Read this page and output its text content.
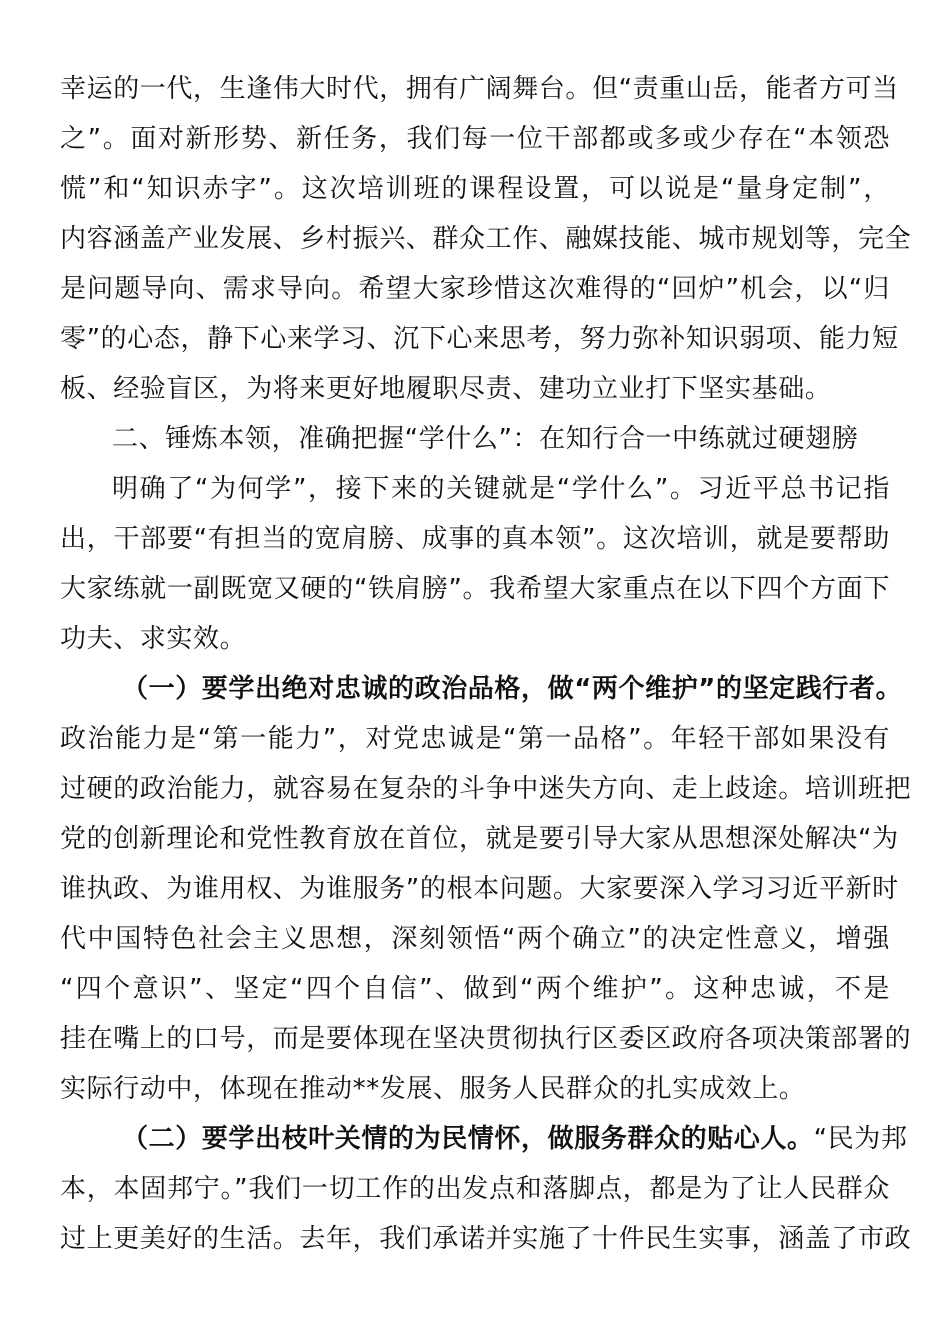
幸运的一代，生逢伟大时代，拥有广阔舞台。但“责重山岳，能者方可当
之”。面对新形势、新任务，我们每一位干部都或多或少存在“本领恐
慌”和“知识赤字”。这次培训班的课程设置，可以说是“量身定制”，
内容涵盖产业发展、乡村振兴、群众工作、融媒技能、城市规划等，完全
是问题导向、需求导向。希望大家珍惜这次难得的“回炉”机会，以“归
零”的心态，静下心来学习、沉下心来思考，努力弥补知识弱项、能力短
板、经验盲区，为将来更好地履职尽责、建功立业打下坚实基础。
二、锤炼本领，准确把握“学什么”：在知行合一中练就过硬翅膀
明确了“为何学”，接下来的关键就是“学什么”。习近平总书记指
出，干部要“有担当的宽肩膀、成事的真本领”。这次培训，就是要帮助
大家练就一副既宽又硬的“铁肩膀”。我希望大家重点在以下四个方面下
功夫、求实效。
（一）要学出绝对忠诚的政治品格，做“两个维护”的坚定践行者。
政治能力是“第一能力”，对党忠诚是“第一品格”。年轻干部如果没有
过硬的政治能力，就容易在复杂的斗争中迷失方向、走上歧途。培训班把
党的创新理论和党性教育放在首位，就是要引导大家从思想深处解决“为
谁执政、为谁用权、为谁服务”的根本问题。大家要深入学习习近平新时
代中国特色社会主义思想，深刻领悟“两个确立”的决定性意义，增强
“四个意识”、坚定“四个自信”、做到“两个维护”。这种忠诚，不是
挂在嘴上的口号，而是要体现在坚决贯彻执行区委区政府各项决策部署的
实际行动中，体现在推动**发展、服务人民群众的扎实成效上。
（二）要学出枝叶关情的为民情怀，做服务群众的贴心人。“民为邦
本，本固邦宁。”我们一切工作的出发点和落脚点，都是为了让人民群众
过上更美好的生活。去年，我们承诺并实施了十件民生实事，涵盖了市政
